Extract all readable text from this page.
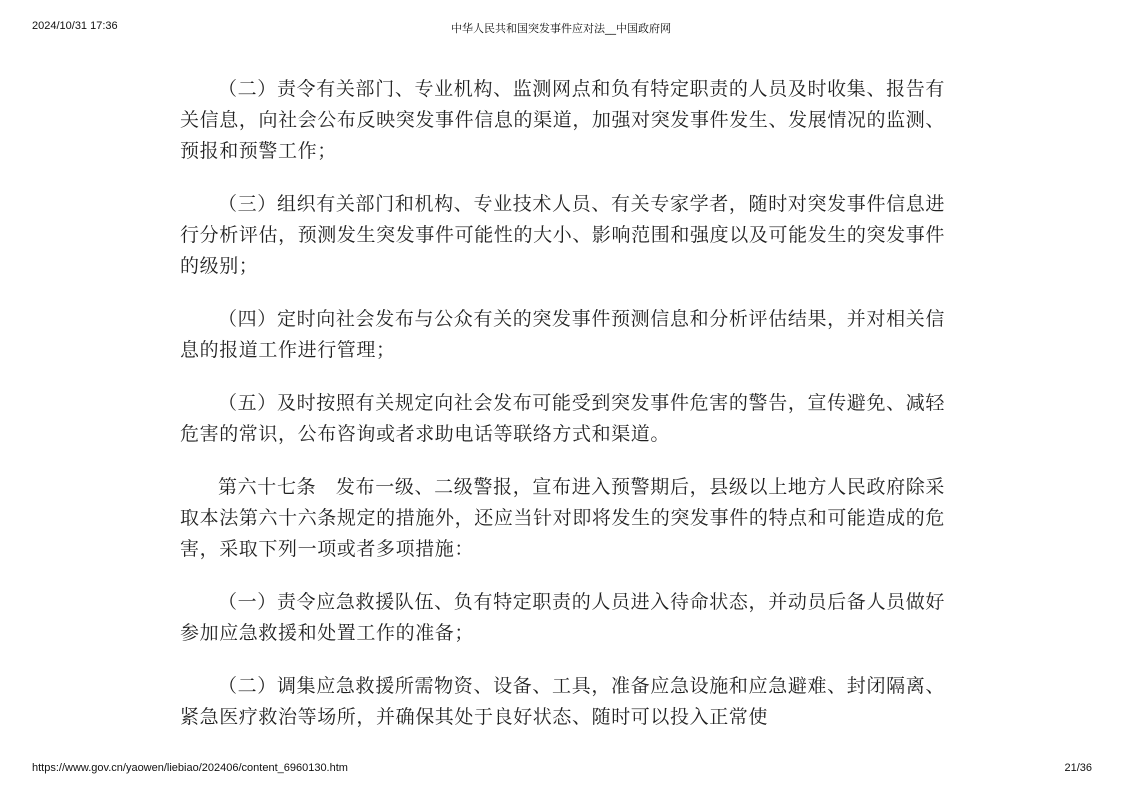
2024/10/31 17:36	中华人民共和国突发事件应对法__中国政府网

（二）责令有关部门、专业机构、监测网点和负有特定职责的人员及时收集、报告有关信息，向社会公布反映突发事件信息的渠道，加强对突发事件发生、发展情况的监测、预报和预警工作；

（三）组织有关部门和机构、专业技术人员、有关专家学者，随时对突发事件信息进行分析评估，预测发生突发事件可能性的大小、影响范围和强度以及可能发生的突发事件的级别；

（四）定时向社会发布与公众有关的突发事件预测信息和分析评估结果，并对相关信息的报道工作进行管理；

（五）及时按照有关规定向社会发布可能受到突发事件危害的警告，宣传避免、减轻危害的常识，公布咨询或者求助电话等联络方式和渠道。

第六十七条　发布一级、二级警报，宣布进入预警期后，县级以上地方人民政府除采取本法第六十六条规定的措施外，还应当针对即将发生的突发事件的特点和可能造成的危害，采取下列一项或者多项措施：

（一）责令应急救援队伍、负有特定职责的人员进入待命状态，并动员后备人员做好参加应急救援和处置工作的准备；

（二）调集应急救援所需物资、设备、工具，准备应急设施和应急避难、封闭隔离、紧急医疗救治等场所，并确保其处于良好状态、随时可以投入正常使

https://www.gov.cn/yaowen/liebiao/202406/content_6960130.htm	21/36
